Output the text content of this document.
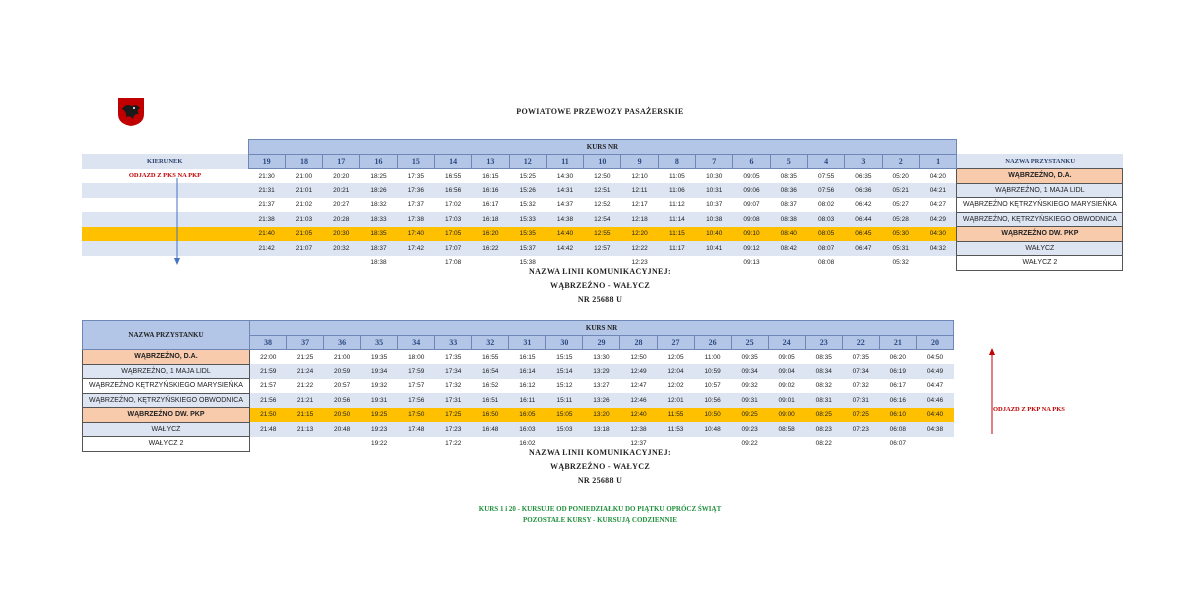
POWIATOWE PRZEWOZY PASAŻERSKIE
	KURS NR																			
KIERUNEK	19	18	17	16	15	14	13	12	11	10	9	8	7	6	5	4	3	2	1	NAZWA PRZYSTANKU
ODJAZD Z PKS NA PKP	21:30	21:00	20:20	18:25	17:35	16:55	16:15	15:25	14:30	12:50	12:10	11:05	10:30	09:05	08:35	07:55	06:35	05:20	04:20	WĄBRZEŹNO, D.A.
	21:31	21:01	20:21	18:26	17:36	16:56	16:16	15:26	14:31	12:51	12:11	11:06	10:31	09:06	08:36	07:56	06:36	05:21	04:21	WĄBRZEŹNO, 1 MAJA LIDL
	21:37	21:02	20:27	18:32	17:37	17:02	16:17	15:32	14:37	12:52	12:17	11:12	10:37	09:07	08:37	08:02	06:42	05:27	04:27	WĄBRZEŹNO KĘTRZYŃSKIEGO MARYSIEŃKA
	21:38	21:03	20:28	18:33	17:38	17:03	16:18	15:33	14:38	12:54	12:18	11:14	10:38	09:08	08:38	08:03	06:44	05:28	04:29	WĄBRZEŹNO, KĘTRZYŃSKIEGO OBWODNICA
	21:40	21:05	20:30	18:35	17:40	17:05	16:20	15:35	14:40	12:55	12:20	11:15	10:40	09:10	08:40	08:05	06:45	05:30	04:30	WĄBRZEŹNO DW. PKP
	21:42	21:07	20:32	18:37	17:42	17:07	16:22	15:37	14:42	12:57	12:22	11:17	10:41	09:12	08:42	08:07	06:47	05:31	04:32	WAŁYCZ
				18:38		17:08		15:38			12:23			09:13		08:08		05:32		WAŁYCZ 2
NAZWA LINII KOMUNIKACYJNEJ:
WĄBRZEŹNO - WAŁYCZ
NR 25688 U
NAZWA PRZYSTANKU	KURS NR																		
	38	37	36	35	34	33	32	31	30	29	28	27	26	25	24	23	22	21	20
WĄBRZEŹNO, D.A.	22:00	21:25	21:00	19:35	18:00	17:35	16:55	16:15	15:15	13:30	12:50	12:05	11:00	09:35	09:05	08:35	07:35	06:20	04:50
WĄBRZEŹNO, 1 MAJA LIDL	21:59	21:24	20:59	19:34	17:59	17:34	16:54	16:14	15:14	13:29	12:49	12:04	10:59	09:34	09:04	08:34	07:34	06:19	04:49
WĄBRZEŹNO KĘTRZYŃSKIEGO MARYSIEŃKA	21:57	21:22	20:57	19:32	17:57	17:32	16:52	16:12	15:12	13:27	12:47	12:02	10:57	09:32	09:02	08:32	07:32	06:17	04:47
WĄBRZEŹNO, KĘTRZYŃSKIEGO OBWODNICA	21:56	21:21	20:56	19:31	17:56	17:31	16:51	16:11	15:11	13:26	12:46	12:01	10:56	09:31	09:01	08:31	07:31	06:16	04:46
WĄBRZEŹNO DW. PKP	21:50	21:15	20:50	19:25	17:50	17:25	16:50	16:05	15:05	13:20	12:40	11:55	10:50	09:25	09:00	08:25	07:25	06:10	04:40
WAŁYCZ	21:48	21:13	20:48	19:23	17:48	17:23	16:48	16:03	15:03	13:18	12:38	11:53	10:48	09:23	08:58	08:23	07:23	06:08	04:38
WAŁYCZ 2				19:22		17:22		16:02			12:37			09:22		08:22		06:07	
ODJAZD Z PKP NA PKS
NAZWA LINII KOMUNIKACYJNEJ:
WĄBRZEŹNO - WAŁYCZ
NR 25688 U
KURS 1 i 20 - KURSUJE OD PONIEDZIAŁKU DO PIĄTKU OPRÓCZ ŚWIĄT
POZOSTAŁE KURSY - KURSUJĄ CODZIENNIE
